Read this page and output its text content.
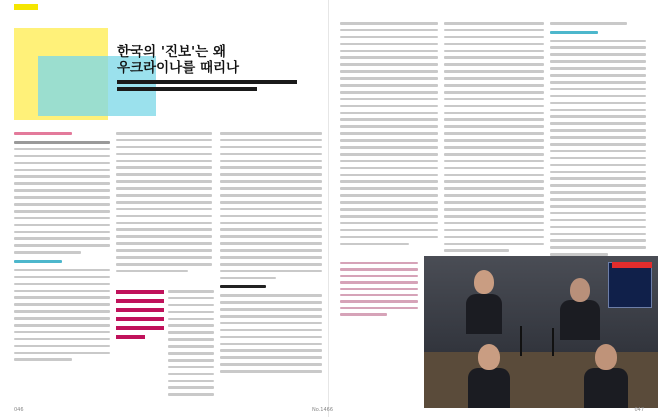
한국의 '진보'는 왜
우크라이나를 때리나
046	No.1466	047
